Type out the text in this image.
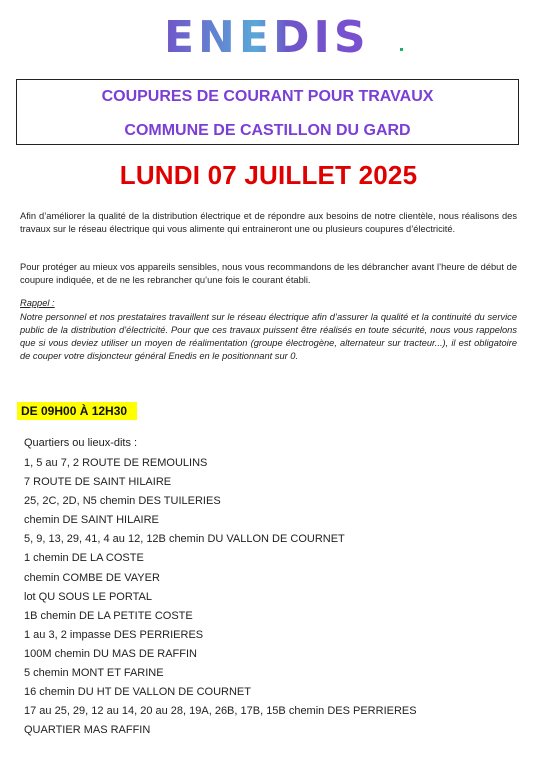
ENEDIS
COUPURES DE COURANT POUR TRAVAUX
COMMUNE DE CASTILLON DU GARD
LUNDI 07 JUILLET 2025
Afin d’améliorer la qualité de la distribution électrique et de répondre aux besoins de notre clientèle, nous réalisons des travaux sur le réseau électrique qui vous alimente qui entraineront une ou plusieurs coupures d’électricité.
Pour protéger au mieux vos appareils sensibles, nous vous recommandons de les débrancher avant l’heure de début de coupure indiquée, et de ne les rebrancher qu’une fois le courant établi.
Rappel :
Notre personnel et nos prestataires travaillent sur le réseau électrique afin d’assurer la qualité et la continuité du service public de la distribution d’électricité. Pour que ces travaux puissent être réalisés en toute sécurité, nous vous rappelons que si vous deviez utiliser un moyen de réalimentation (groupe électrogène, alternateur sur tracteur...), il est obligatoire de couper votre disjoncteur général Enedis en le positionnant sur 0.
DE 09H00 À 12H30
Quartiers ou lieux-dits :
1, 5 au 7, 2 ROUTE DE REMOULINS
7 ROUTE DE SAINT HILAIRE
25, 2C, 2D, N5 chemin DES TUILERIES
chemin DE SAINT HILAIRE
5, 9, 13, 29, 41, 4 au 12, 12B chemin DU VALLON DE COURNET
1 chemin DE LA COSTE
chemin COMBE DE VAYER
lot QU SOUS LE PORTAL
1B chemin DE LA PETITE COSTE
1 au 3, 2 impasse DES PERRIERES
100M chemin DU MAS DE RAFFIN
5 chemin MONT ET FARINE
16 chemin DU HT DE VALLON DE COURNET
17 au 25, 29, 12 au 14, 20 au 28, 19A, 26B, 17B, 15B chemin DES PERRIERES
QUARTIER MAS RAFFIN
